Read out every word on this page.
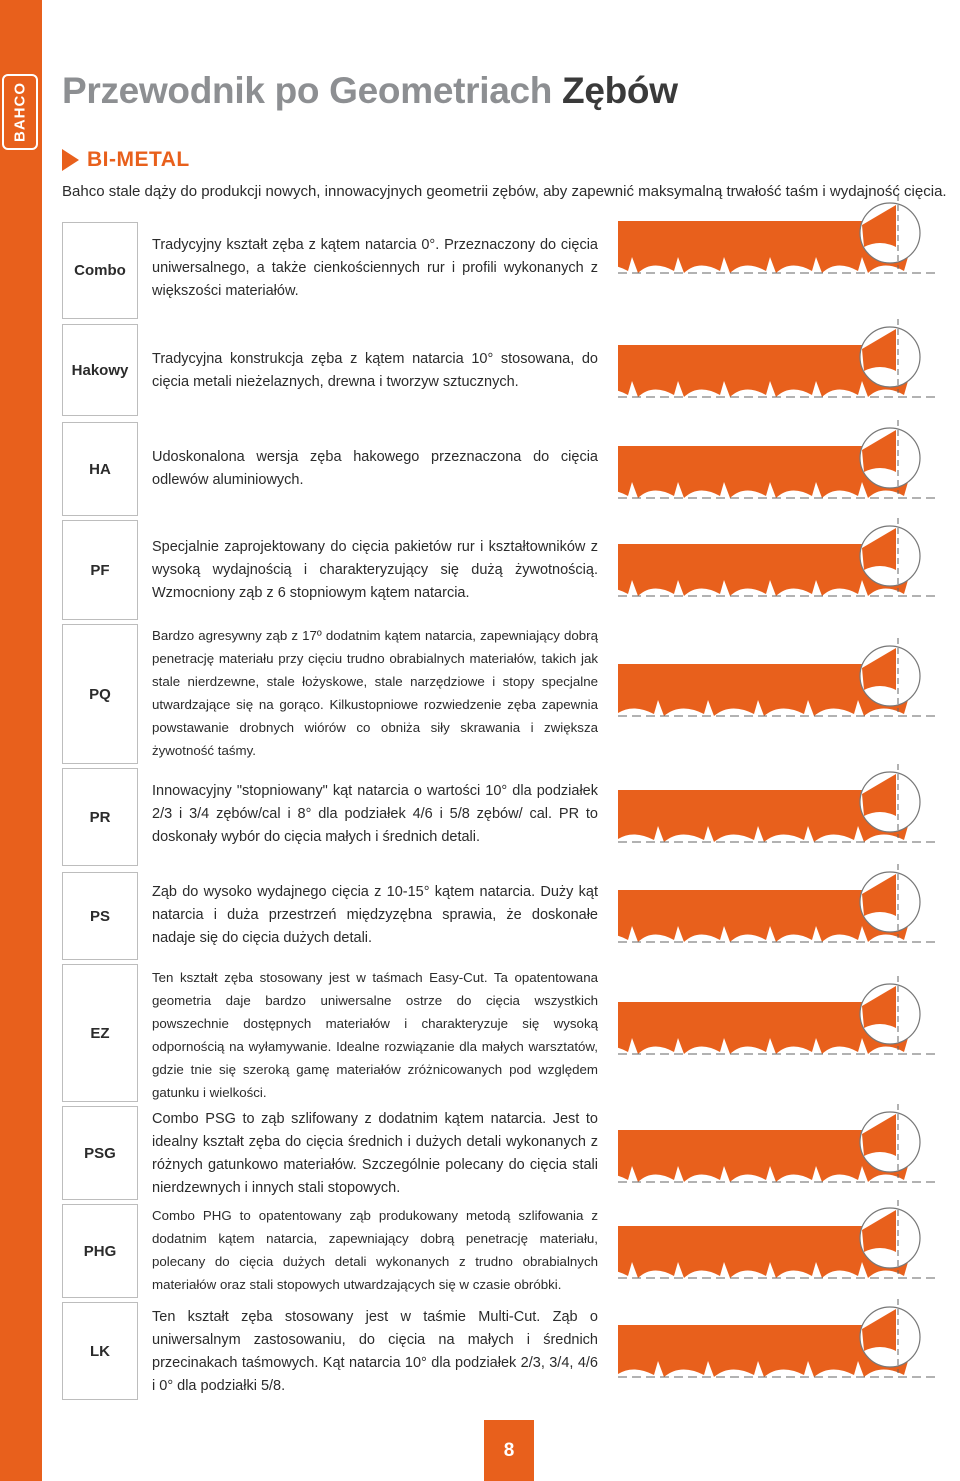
BAHCO Przewodnik po Geometriach Zębów
BI-METAL
Bahco stale dąży do produkcji nowych, innowacyjnych geometrii zębów, aby zapewnić maksymalną trwałość taśm i wydajność cięcia.
Combo
Tradycyjny kształt zęba z kątem natarcia 0°. Przeznaczony do cięcia uniwersalnego, a także cienkościennych rur i profili wykonanych z większości materiałów.
Hakowy
Tradycyjna konstrukcja zęba z kątem natarcia 10° stosowana, do cięcia metali nieżelaznych, drewna i tworzyw sztucznych.
HA
Udoskonalona wersja zęba hakowego przeznaczona do cięcia odlewów aluminiowych.
PF
Specjalnie zaprojektowany do cięcia pakietów rur i kształtowników z wysoką wydajnością i charakteryzujący się dużą żywotnością. Wzmocniony ząb z 6 stopniowym kątem natarcia.
PQ
Bardzo agresywny ząb z 17º dodatnim kątem natarcia, zapewniający dobrą penetrację materiału przy cięciu trudno obrabialnych materiałów, takich jak stale nierdzewne, stale łożyskowe, stale narzędziowe i stopy specjalne utwardzające się na gorąco. Kilkustopniowe rozwiedzenie zęba zapewnia powstawanie drobnych wiórów co obniża siły skrawania i zwiększa żywotność taśmy.
PR
Innowacyjny "stopniowany" kąt natarcia o wartości 10° dla podziałek 2/3 i 3/4 zębów/cal i 8° dla podziałek 4/6 i 5/8 zębów/ cal. PR to doskonały wybór do cięcia małych i średnich detali.
PS
Ząb do wysoko wydajnego cięcia z 10-15° kątem natarcia. Duży kąt natarcia i duża przestrzeń międzyzębna sprawia, że doskonałe nadaje się do cięcia dużych detali.
EZ
Ten kształt zęba stosowany jest w taśmach Easy-Cut. Ta opatentowana geometria daje bardzo uniwersalne ostrze do cięcia wszystkich powszechnie dostępnych materiałów i charakteryzuje się wysoką odpornością na wyłamywanie. Idealne rozwiązanie dla małych warsztatów, gdzie tnie się szeroką gamę materiałów zróżnicowanych pod względem gatunku i wielkości.
PSG
Combo PSG to ząb szlifowany z dodatnim kątem natarcia. Jest to idealny kształt zęba do cięcia średnich i dużych detali wykonanych z różnych gatunkowo materiałów. Szczególnie polecany do cięcia stali nierdzewnych i innych stali stopowych.
PHG
Combo PHG to opatentowany ząb produkowany metodą szlifowania z dodatnim kątem natarcia, zapewniający dobrą penetrację materiału, polecany do cięcia dużych detali wykonanych z trudno obrabialnych materiałów oraz stali stopowych utwardzających się w czasie obróbki.
LK
Ten kształt zęba stosowany jest w taśmie Multi-Cut. Ząb o uniwersalnym zastosowaniu, do cięcia na małych i średnich przecinakach taśmowych. Kąt natarcia 10° dla podziałek 2/3, 3/4, 4/6 i 0° dla podziałki 5/8.
8
